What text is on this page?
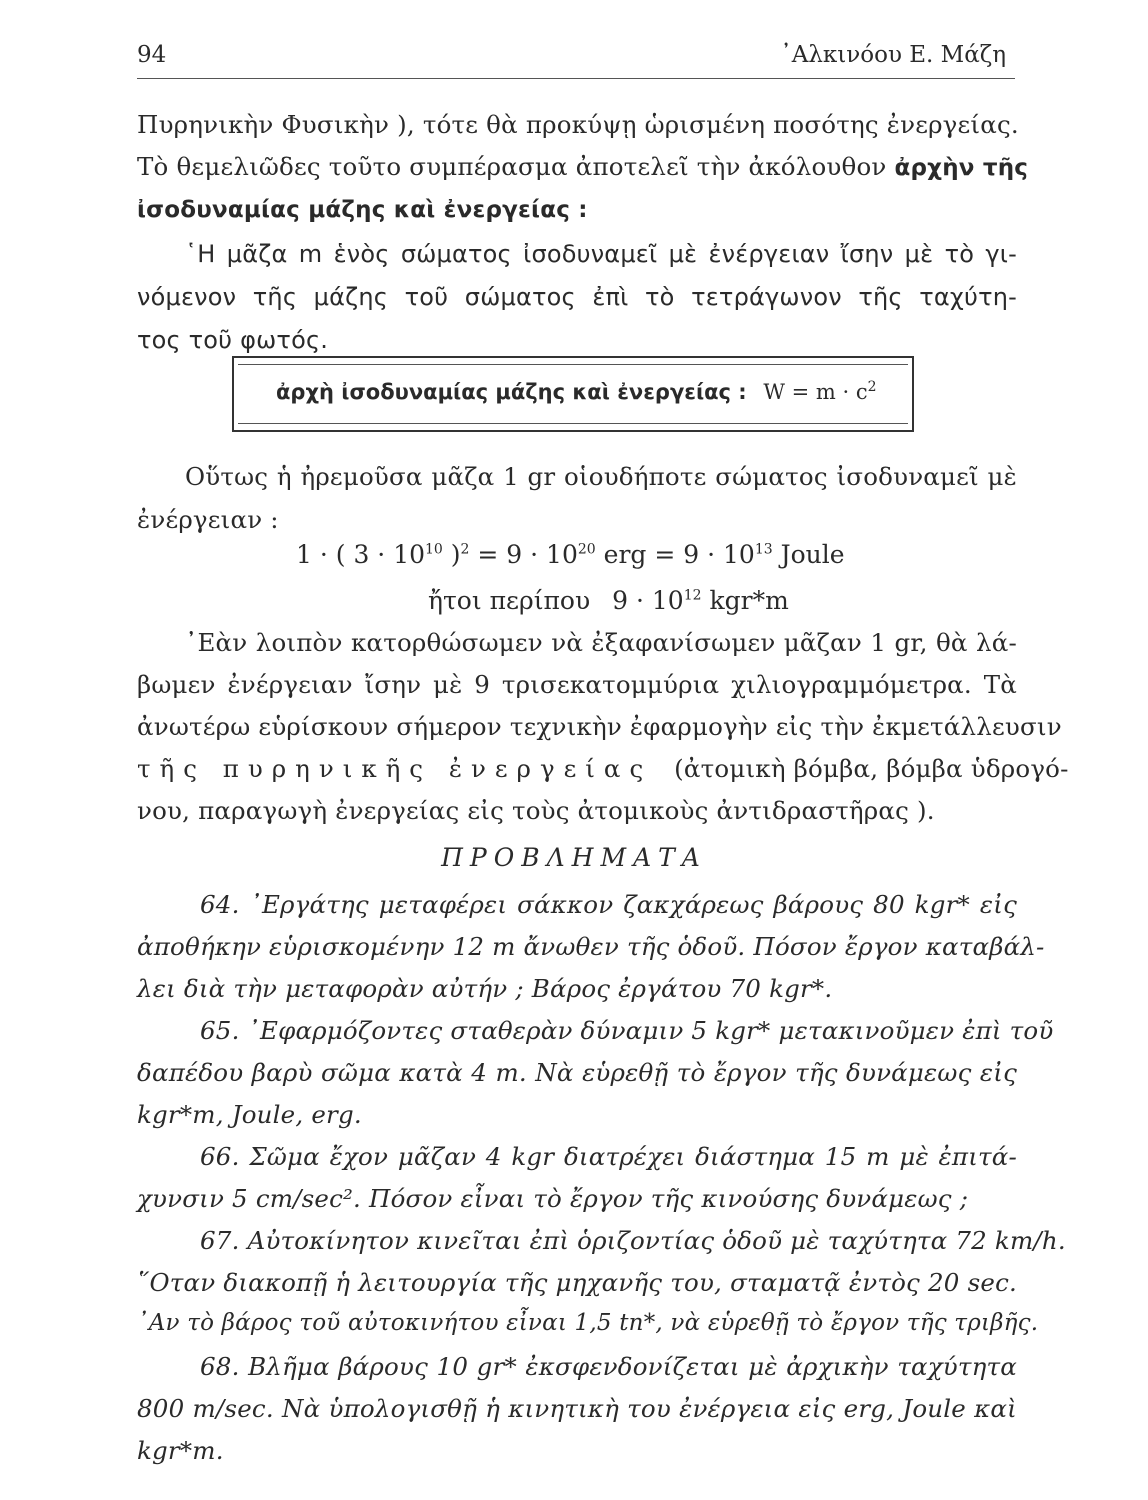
94	᾿Αλκινόου Ε. Μάζη
Πυρηνικὴν Φυσικὴν ), τότε θὰ προκύψῃ ὡρισμένη ποσότης ἐνεργείας.
Τὸ θεμελιῶδες τοῦτο συμπέρασμα ἀποτελεῖ τὴν ἀκόλουθον ἀρχὴν τῆς
ἰσοδυναμίας μάζης καὶ ἐνεργείας :
῾Η μᾶζα m ἑνὸς σώματος ἰσοδυναμεῖ μὲ ἐνέργειαν ἴσην μὲ τὸ γι-
νόμενον τῆς μάζης τοῦ σώματος ἐπὶ τὸ τετράγωνον τῆς ταχύτη-
τος τοῦ φωτός.
ἀρχὴ ἰσοδυναμίας μάζης καὶ ἐνεργείας : $W = m \cdot c^2$
Οὕτως ἡ ἠρεμοῦσα μᾶζα 1 gr οἱουδήποτε σώματος ἰσοδυναμεῖ μὲ
ἐνέργειαν :
1 · ( $3 \cdot 10^{10}$ )$^2 = 9 \cdot 10^{20}$ erg = $9 \cdot 10^{13}$ Joule
ἤτοι περίπου $9 \cdot 10^{12}$ kgr*m
᾿Εὰν λοιπὸν κατορθώσωμεν νὰ ἐξαφανίσωμεν μᾶζαν 1 gr, θὰ λά-
βωμεν ἐνέργειαν ἴσην μὲ 9 τρισεκατομμύρια χιλιογραμμόμετρα. Τὰ
ἀνωτέρω εὑρίσκουν σήμερον τεχνικὴν ἐφαρμογὴν εἰς τὴν ἐκμετάλλευσιν
τῆς πυρηνικῆς ἐνεργείας (ἀτομικὴ βόμβα, βόμβα ὑδρογό-
νου, παραγωγὴ ἐνεργείας εἰς τοὺς ἀτομικοὺς ἀντιδραστῆρας ).
ΠΡΟΒΛΗΜΑΤΑ
64. ᾿Εργάτης μεταφέρει σάκκον ζακχάρεως βάρους 80 kgr* εἰς
ἀποθήκην εὑρισκομένην 12 m ἄνωθεν τῆς ὁδοῦ. Πόσον ἔργον καταβάλ-
λει διὰ τὴν μεταφορὰν αὐτήν ; Βάρος ἐργάτου 70 kgr*.
65. ᾿Εφαρμόζοντες σταθερὰν δύναμιν 5 kgr* μετακινοῦμεν ἐπὶ τοῦ
δαπέδου βαρὺ σῶμα κατὰ 4 m. Νὰ εὑρεθῇ τὸ ἔργον τῆς δυνάμεως εἰς
kgr*m, Joule, erg.
66. Σῶμα ἔχον μᾶζαν 4 kgr διατρέχει διάστημα 15 m μὲ ἐπιτά-
χυνσιν 5 cm/sec². Πόσον εἶναι τὸ ἔργον τῆς κινούσης δυνάμεως ;
67. Αὐτοκίνητον κινεῖται ἐπὶ ὁριζοντίας ὁδοῦ μὲ ταχύτητα 72 km/h.
῞Οταν διακοπῇ ἡ λειτουργία τῆς μηχανῆς του, σταματᾷ ἐντὸς 20 sec.
᾿Αν τὸ βάρος τοῦ αὐτοκινήτου εἶναι 1,5 tn*, νὰ εὑρεθῇ τὸ ἔργον τῆς τριβῆς.
68. Βλῆμα βάρους 10 gr* ἐκσφενδονίζεται μὲ ἀρχικὴν ταχύτητα
800 m/sec. Νὰ ὑπολογισθῇ ἡ κινητικὴ του ἐνέργεια εἰς erg, Joule καὶ
kgr*m.
